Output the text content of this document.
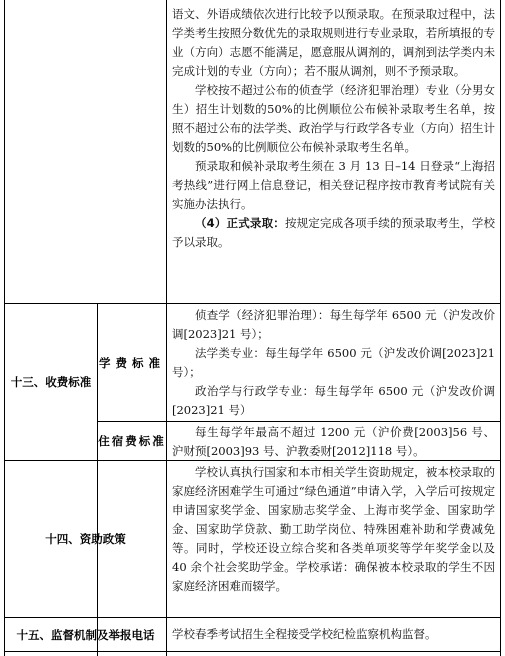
语文、外语成绩依次进行比较予以预录取。在预录取过程中，法学类考生按照分数优先的录取规则进行专业录取，若所填报的专业（方向）志愿不能满足，愿意服从调剂的，调剂到法学类内未完成计划的专业（方向）；若不服从调剂，则不予预录取。

学校按不超过公布的侦查学（经济犯罪治理）专业（分男女生）招生计划数的50%的比例顺位公布候补录取考生名单，按照不超过公布的法学类、政治学与行政学各专业（方向）招生计划数的50%的比例顺位公布候补录取考生名单。

预录取和候补录取考生须在 3 月 13 日–14 日登录“上海招考热线”进行网上信息登记，相关登记程序按市教育考试院有关实施办法执行。

（4）正式录取：按规定完成各项手续的预录取考生，学校予以录取。

十三、收费标准
学费标准

侦查学（经济犯罪治理）：每生每学年 6500 元（沪发改价调[2023]21 号）；

法学类专业：每生每学年 6500 元（沪发改价调[2023]21 号）；

政治学与行政学专业：每生每学年 6500 元（沪发改价调[2023]21 号）

住宿费标准

每生每学年最高不超过 1200 元（沪价费[2003]56 号、沪财预[2003]93 号、沪教委财[2012]118 号）。

十四、资助政策

学校认真执行国家和本市相关学生资助规定，被本校录取的家庭经济困难学生可通过“绿色通道”申请入学，入学后可按规定申请国家奖学金、国家励志奖学金、上海市奖学金、国家助学金、国家助学贷款、勤工助学岗位、特殊困难补助和学费减免等。同时，学校还设立综合奖和各类单项奖等学年奖学金以及 40 余个社会奖助学金。学校承诺：确保被本校录取的学生不因家庭经济困难而辍学。

十五、监督机制及举报电话	学校春季考试招生全程接受学校纪检监察机构监督。
